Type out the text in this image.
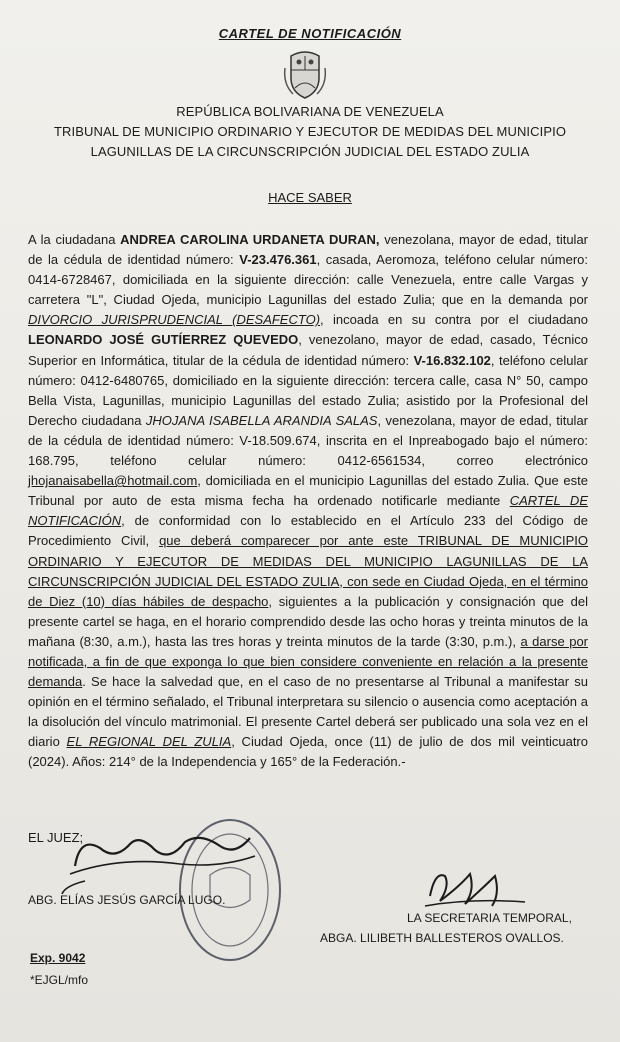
CARTEL DE NOTIFICACIÓN
REPÚBLICA BOLIVARIANA DE VENEZUELA
TRIBUNAL DE MUNICIPIO ORDINARIO Y EJECUTOR DE MEDIDAS DEL MUNICIPIO
LAGUNILLAS DE LA CIRCUNSCRIPCIÓN JUDICIAL DEL ESTADO ZULIA
HACE SABER

A la ciudadana ANDREA CAROLINA URDANETA DURAN, venezolana, mayor de edad, titular de la cédula de identidad número: V-23.476.361, casada, Aeromoza, teléfono celular número: 0414-6728467, domiciliada en la siguiente dirección: calle Venezuela, entre calle Vargas y carretera "L", Ciudad Ojeda, municipio Lagunillas del estado Zulia; que en la demanda por DIVORCIO JURISPRUDENCIAL (DESAFECTO), incoada en su contra por el ciudadano LEONARDO JOSÉ GUTÍERREZ QUEVEDO, venezolano, mayor de edad, casado, Técnico Superior en Informática, titular de la cédula de identidad número: V-16.832.102, teléfono celular número: 0412-6480765, domiciliado en la siguiente dirección: tercera calle, casa N° 50, campo Bella Vista, Lagunillas, municipio Lagunillas del estado Zulia; asistido por la Profesional del Derecho ciudadana JHOJANA ISABELLA ARANDIA SALAS, venezolana, mayor de edad, titular de la cédula de identidad número: V-18.509.674, inscrita en el Inpreabogado bajo el número: 168.795, teléfono celular número: 0412-6561534, correo electrónico jhojanaisabella@hotmail.com, domiciliada en el municipio Lagunillas del estado Zulia. Que este Tribunal por auto de esta misma fecha ha ordenado notificarle mediante CARTEL DE NOTIFICACIÓN, de conformidad con lo establecido en el Artículo 233 del Código de Procedimiento Civil, que deberá comparecer por ante este TRIBUNAL DE MUNICIPIO ORDINARIO Y EJECUTOR DE MEDIDAS DEL MUNICIPIO LAGUNILLAS DE LA CIRCUNSCRIPCIÓN JUDICIAL DEL ESTADO ZULIA, con sede en Ciudad Ojeda, en el término de Diez (10) días hábiles de despacho, siguientes a la publicación y consignación que del presente cartel se haga, en el horario comprendido desde las ocho horas y treinta minutos de la mañana (8:30, a.m.), hasta las tres horas y treinta minutos de la tarde (3:30, p.m.), a darse por notificada, a fin de que exponga lo que bien considere conveniente en relación a la presente demanda. Se hace la salvedad que, en el caso de no presentarse al Tribunal a manifestar su opinión en el término señalado, el Tribunal interpretara su silencio o ausencia como aceptación a la disolución del vínculo matrimonial. El presente Cartel deberá ser publicado una sola vez en el diario EL REGIONAL DEL ZULIA, Ciudad Ojeda, once (11) de julio de dos mil veinticuatro (2024). Años: 214° de la Independencia y 165° de la Federación.-

EL JUEZ;
ABG. ELÍAS JESÚS GARCÍA LUGO.
LA SECRETARIA TEMPORAL,
ABGA. LILIBETH BALLESTEROS OVALLOS.
Exp. 9042
*EJGL/mfo
